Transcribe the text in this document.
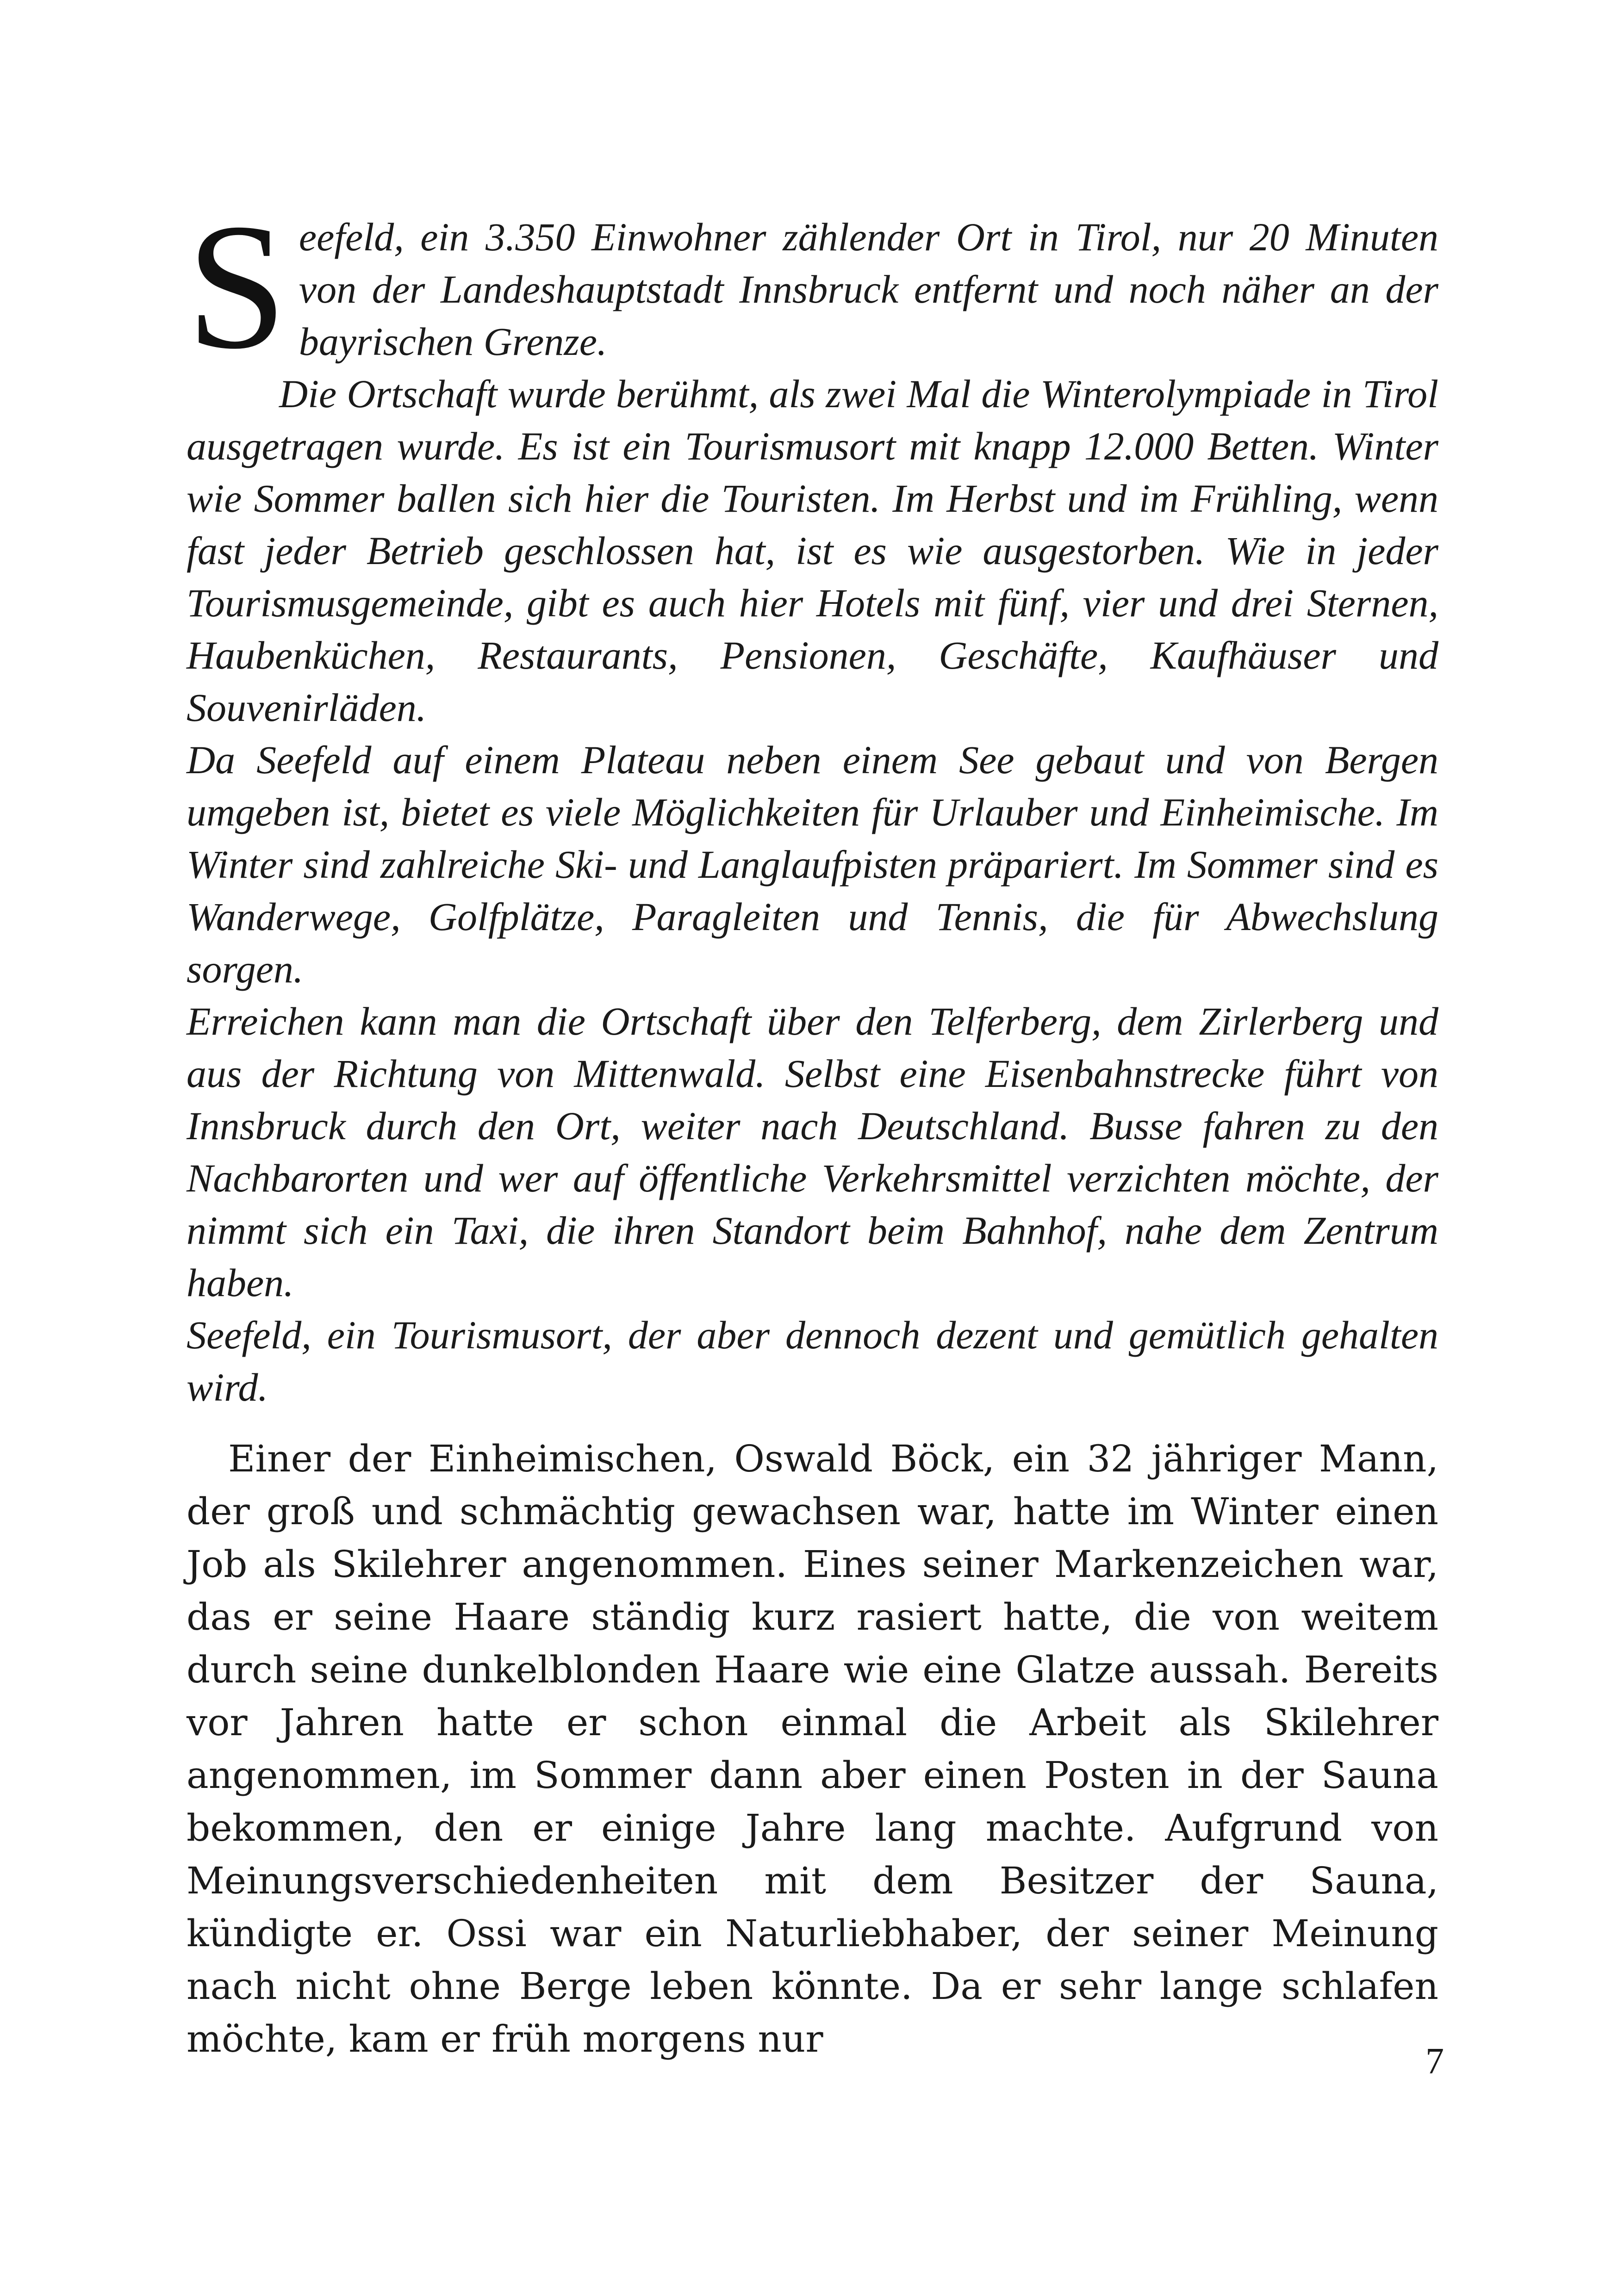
Seefeld, ein 3.350 Einwohner zählender Ort in Tirol, nur 20 Minuten von der Landeshauptstadt Innsbruck entfernt und noch näher an der bayrischen Grenze.

Die Ortschaft wurde berühmt, als zwei Mal die Winterolympiade in Tirol ausgetragen wurde. Es ist ein Tourismusort mit knapp 12.000 Betten. Winter wie Sommer ballen sich hier die Touristen. Im Herbst und im Frühling, wenn fast jeder Betrieb geschlossen hat, ist es wie ausgestorben. Wie in jeder Tourismusgemeinde, gibt es auch hier Hotels mit fünf, vier und drei Sternen, Haubenküchen, Restaurants, Pensionen, Geschäfte, Kaufhäuser und Souvenirläden.

Da Seefeld auf einem Plateau neben einem See gebaut und von Bergen umgeben ist, bietet es viele Möglichkeiten für Urlauber und Einheimische. Im Winter sind zahlreiche Ski- und Langlaufpisten präpariert. Im Sommer sind es Wanderwege, Golfplätze, Paragleiten und Tennis, die für Abwechslung sorgen.

Erreichen kann man die Ortschaft über den Telferberg, dem Zirlerberg und aus der Richtung von Mittenwald. Selbst eine Eisenbahnstrecke führt von Innsbruck durch den Ort, weiter nach Deutschland. Busse fahren zu den Nachbarorten und wer auf öffentliche Verkehrsmittel verzichten möchte, der nimmt sich ein Taxi, die ihren Standort beim Bahnhof, nahe dem Zentrum haben.

Seefeld, ein Tourismusort, der aber dennoch dezent und gemütlich gehalten wird.

Einer der Einheimischen, Oswald Böck, ein 32 jähriger Mann, der groß und schmächtig gewachsen war, hatte im Winter einen Job als Skilehrer angenommen. Eines seiner Markenzeichen war, das er seine Haare ständig kurz rasiert hatte, die von weitem durch seine dunkelblonden Haare wie eine Glatze aussah. Bereits vor Jahren hatte er schon einmal die Arbeit als Skilehrer angenommen, im Sommer dann aber einen Posten in der Sauna bekommen, den er einige Jahre lang machte. Aufgrund von Meinungsverschiedenheiten mit dem Besitzer der Sauna, kündigte er. Ossi war ein Naturliebhaber, der seiner Meinung nach nicht ohne Berge leben könnte. Da er sehr lange schlafen möchte, kam er früh morgens nur

7
